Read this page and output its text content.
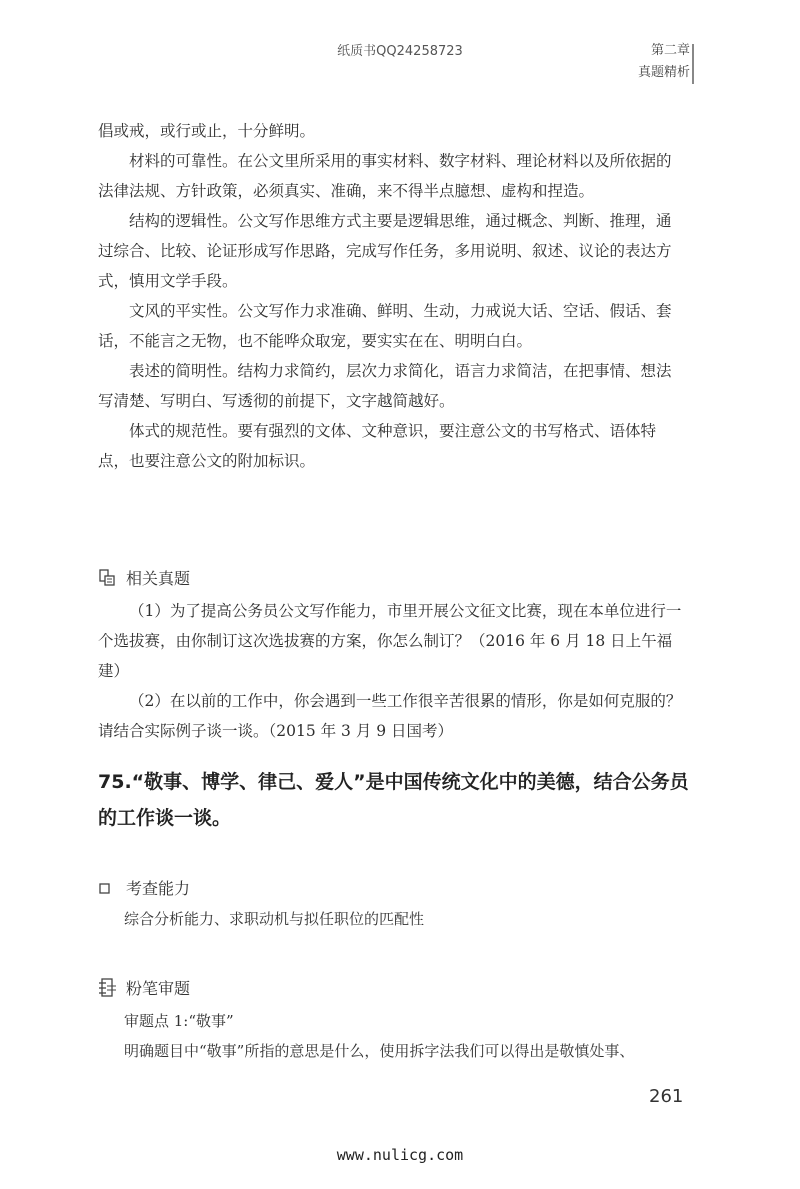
纸质书QQ24258723	第二章
真题精析

倡或戒，或行或止，十分鲜明。

材料的可靠性。在公文里所采用的事实材料、数字材料、理论材料以及所依据的法律法规、方针政策，必须真实、准确，来不得半点臆想、虚构和捏造。

结构的逻辑性。公文写作思维方式主要是逻辑思维，通过概念、判断、推理，通过综合、比较、论证形成写作思路，完成写作任务，多用说明、叙述、议论的表达方式，慎用文学手段。

文风的平实性。公文写作力求准确、鲜明、生动，力戒说大话、空话、假话、套话，不能言之无物，也不能哗众取宠，要实实在在、明明白白。

表述的简明性。结构力求简约，层次力求简化，语言力求简洁，在把事情、想法写清楚、写明白、写透彻的前提下，文字越简越好。

体式的规范性。要有强烈的文体、文种意识，要注意公文的书写格式、语体特点，也要注意公文的附加标识。

相关真题

（1）为了提高公务员公文写作能力，市里开展公文征文比赛，现在本单位进行一个选拔赛，由你制订这次选拔赛的方案，你怎么制订？（2016 年 6 月 18 日上午福建）

（2）在以前的工作中，你会遇到一些工作很辛苦很累的情形，你是如何克服的？请结合实际例子谈一谈。（2015 年 3 月 9 日国考）

75.“敬事、博学、律己、爱人”是中国传统文化中的美德，结合公务员的工作谈一谈。
考查能力

综合分析能力、求职动机与拟任职位的匹配性

粉笔审题

审题点 1:“敬事”

明确题目中“敬事”所指的意思是什么，使用拆字法我们可以得出是敬慎处事、
261
www.nulicg.com
